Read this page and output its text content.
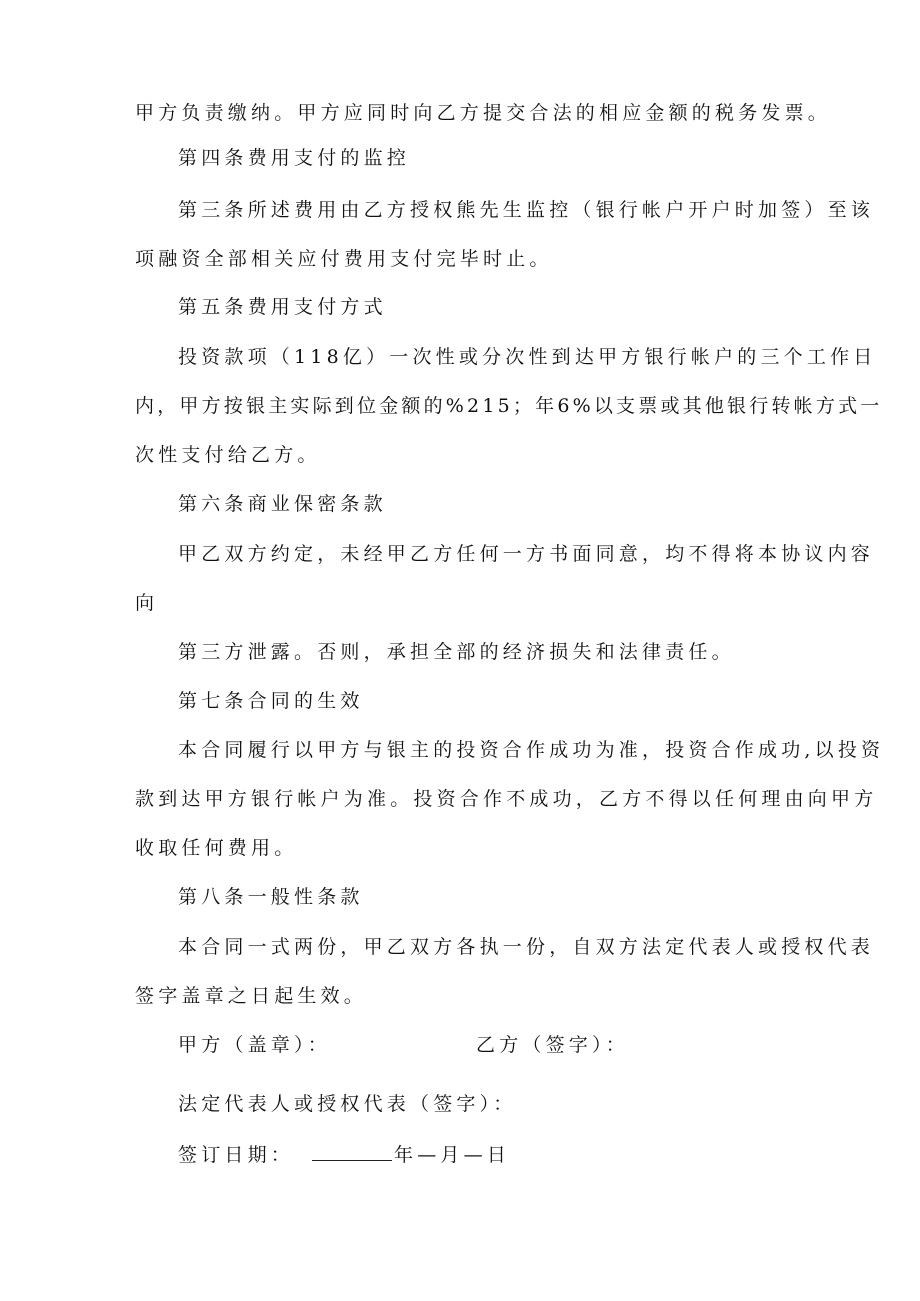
甲方负责缴纳。甲方应同时向乙方提交合法的相应金额的税务发票。
第四条费用支付的监控
第三条所述费用由乙方授权熊先生监控（银行帐户开户时加签）至该
项融资全部相关应付费用支付完毕时止。
第五条费用支付方式
投资款项（118亿）一次性或分次性到达甲方银行帐户的三个工作日
内，甲方按银主实际到位金额的%215；年6%以支票或其他银行转帐方式一
次性支付给乙方。
第六条商业保密条款
甲乙双方约定，未经甲乙方任何一方书面同意，均不得将本协议内容
向
第三方泄露。否则，承担全部的经济损失和法律责任。
第七条合同的生效
本合同履行以甲方与银主的投资合作成功为准，投资合作成功,以投资
款到达甲方银行帐户为准。投资合作不成功，乙方不得以任何理由向甲方
收取任何费用。
第八条一般性条款
本合同一式两份，甲乙双方各执一份，自双方法定代表人或授权代表
签字盖章之日起生效。
甲方（盖章）：	乙方（签字）：
法定代表人或授权代表（签字）：
签订日期：	年—月—日
